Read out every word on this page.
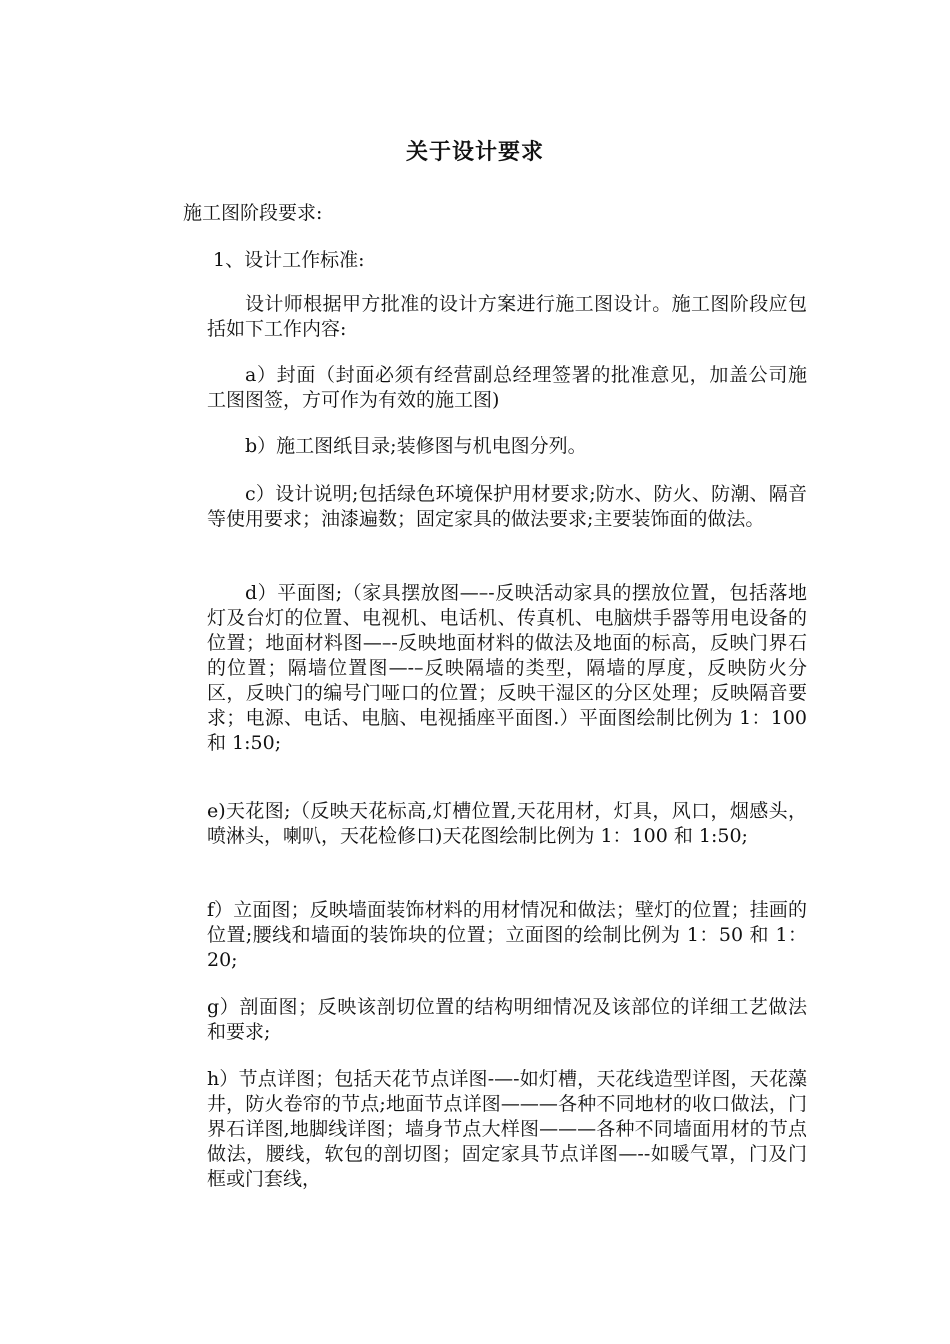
关于设计要求
施工图阶段要求:
1、设计工作标准:
设计师根据甲方批准的设计方案进行施工图设计。施工图阶段应包括如下工作内容:
a）封面（封面必须有经营副总经理签署的批准意见，加盖公司施工图图签，方可作为有效的施工图)
b）施工图纸目录;装修图与机电图分列。
c）设计说明;包括绿色环境保护用材要求;防水、防火、防潮、隔音等使用要求；油漆遍数；固定家具的做法要求;主要装饰面的做法。
d）平面图;（家具摆放图—–-反映活动家具的摆放位置，包括落地灯及台灯的位置、电视机、电话机、传真机、电脑烘手器等用电设备的位置；地面材料图—–-反映地面材料的做法及地面的标高，反映门界石的位置；隔墙位置图—-–反映隔墙的类型，隔墙的厚度，反映防火分区，反映门的编号门哑口的位置；反映干湿区的分区处理；反映隔音要求；电源、电话、电脑、电视插座平面图.）平面图绘制比例为 1：100 和 1:50;
e)天花图;（反映天花标高,灯槽位置,天花用材，灯具，风口，烟感头，喷淋头，喇叭，天花检修口)天花图绘制比例为 1：100 和 1:50;
f）立面图；反映墙面装饰材料的用材情况和做法；壁灯的位置；挂画的位置;腰线和墙面的装饰块的位置；立面图的绘制比例为 1：50 和 1：20;
g）剖面图；反映该剖切位置的结构明细情况及该部位的详细工艺做法和要求;
h）节点详图；包括天花节点详图-—-如灯槽，天花线造型详图，天花藻井，防火卷帘的节点;地面节点详图———各种不同地材的收口做法，门界石详图,地脚线详图；墙身节点大样图———各种不同墙面用材的节点做法，腰线，软包的剖切图；固定家具节点详图—--如暖气罩，门及门框或门套线，
